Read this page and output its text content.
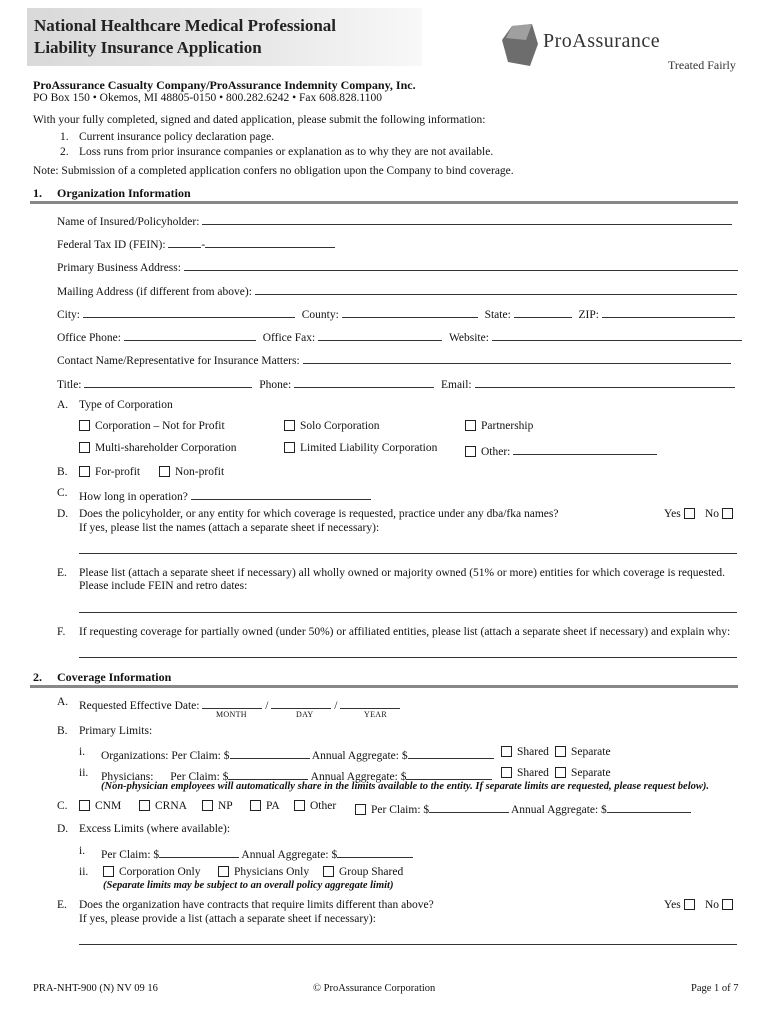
National Healthcare Medical Professional
Liability Insurance Application	ProAssurance
Treated Fairly
ProAssurance Casualty Company/ProAssurance Indemnity Company, Inc.
PO Box 150 • Okemos, MI 48805-0150 • 800.282.6242 • Fax 608.828.1100
With your fully completed, signed and dated application, please submit the following information:
1. Current insurance policy declaration page.
2. Loss runs from prior insurance companies or explanation as to why they are not available.
Note: Submission of a completed application confers no obligation upon the Company to bind coverage.
1. Organization Information
Name of Insured/Policyholder:
Federal Tax ID (FEIN):	-
Primary Business Address:
Mailing Address (if different from above):
City:	County:	State:	ZIP:
Office Phone:	Office Fax:	Website:
Contact Name/Representative for Insurance Matters:
Title:	Phone:	Email:
A. Type of Corporation
Corporation – Not for Profit	Solo Corporation	Partnership
Multi-shareholder Corporation	Limited Liability Corporation	Other:
B.	For-profit	Non-profit
C. How long in operation?
D. Does the policyholder, or any entity for which coverage is requested, practice under any dba/fka names?
If yes, please list the names (attach a separate sheet if necessary):
Yes	No
E. Please list (attach a separate sheet if necessary) all wholly owned or majority owned (51% or more) entities for which coverage is requested.
Please include FEIN and retro dates:
F. If requesting coverage for partially owned (under 50%) or affiliated entities, please list (attach a separate sheet if necessary) and explain why:
2. Coverage Information
A. Requested Effective Date:	/	/
MONTH	DAY	YEAR
B. Primary Limits:
i. Organizations: Per Claim: $	Annual Aggregate: $	Shared	Separate
ii. Physicians: Per Claim: $	Annual Aggregate: $	Shared	Separate
(Non-physician employees will automatically share in the limits available to the entity. If separate limits are requested, please request below).
C.	CNM	CRNA	NP	PA	Other	Per Claim: $	Annual Aggregate: $
D. Excess Limits (where available):
i. Per Claim: $	Annual Aggregate: $
ii.	Corporation Only	Physicians Only	Group Shared
(Separate limits may be subject to an overall policy aggregate limit)
E. Does the organization have contracts that require limits different than above?
If yes, please provide a list (attach a separate sheet if necessary):
Yes	No
PRA-NHT-900 (N) NV 09 16	© ProAssurance Corporation	Page 1 of 7
